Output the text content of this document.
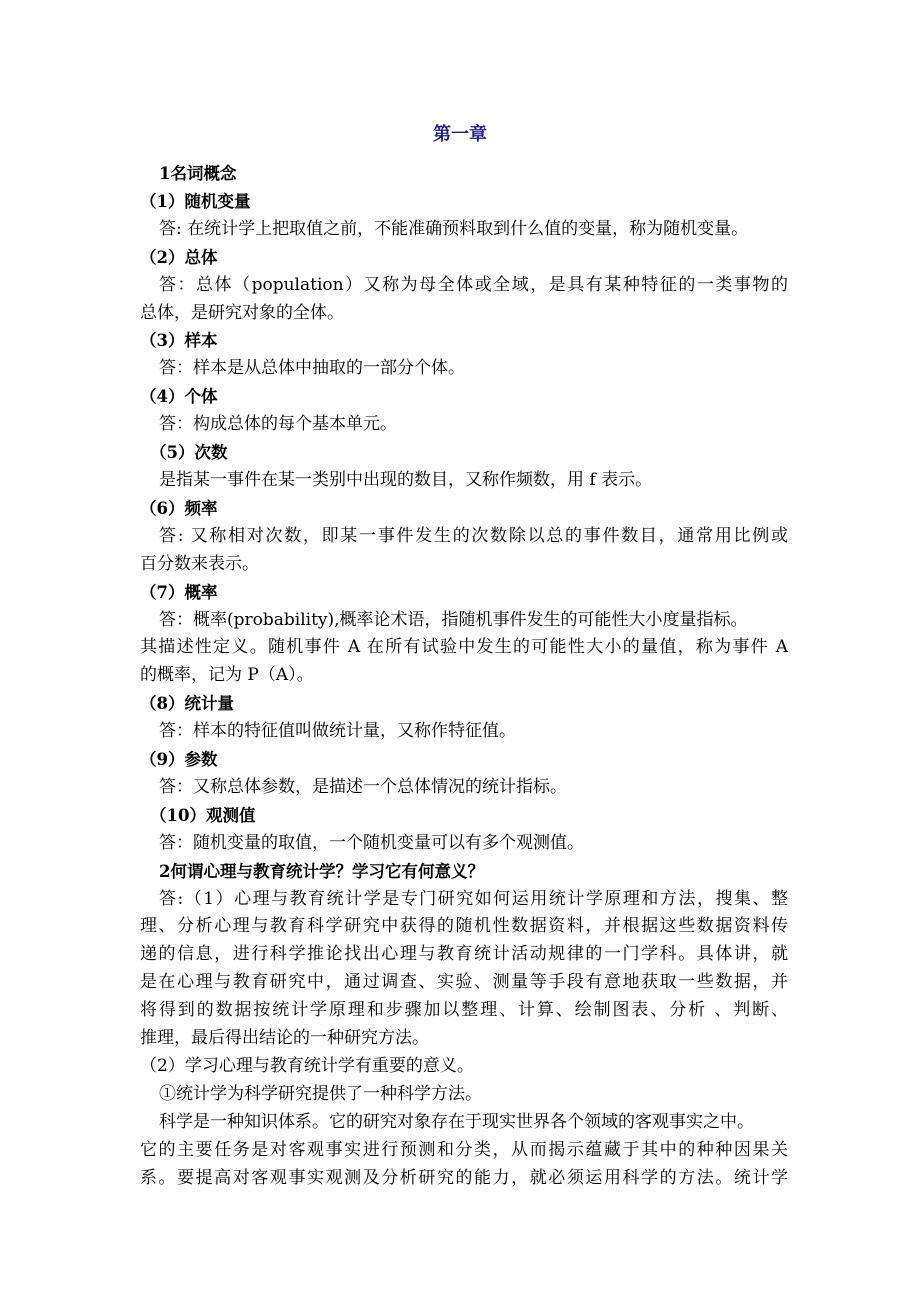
第一章

1名词概念

（1）随机变量

答: 在统计学上把取值之前，不能准确预料取到什么值的变量，称为随机变量。

（2）总体

答：总体（population）又称为母全体或全域，是具有某种特征的一类事物的

总体，是研究对象的全体。

（3）样本

答：样本是从总体中抽取的一部分个体。

（4）个体

答：构成总体的每个基本单元。

（5）次数

是指某一事件在某一类别中出现的数目，又称作频数，用 f 表示。

（6）频率

答: 又称相对次数，即某一事件发生的次数除以总的事件数目，通常用比例或

百分数来表示。

（7）概率

答：概率(probability),概率论术语，指随机事件发生的可能性大小度量指标。

其描述性定义。随机事件 A 在所有试验中发生的可能性大小的量值，称为事件 A

的概率，记为 P（A）。

（8）统计量

答：样本的特征值叫做统计量，又称作特征值。

（9）参数

答：又称总体参数，是描述一个总体情况的统计指标。

（10）观测值

答：随机变量的取值，一个随机变量可以有多个观测值。

2何谓心理与教育统计学？学习它有何意义？

答:（1）心理与教育统计学是专门研究如何运用统计学原理和方法，搜集、整

理、分析心理与教育科学研究中获得的随机性数据资料，并根据这些数据资料传

递的信息，进行科学推论找出心理与教育统计活动规律的一门学科。具体讲，就

是在心理与教育研究中，通过调查、实验、测量等手段有意地获取一些数据，并

将得到的数据按统计学原理和步骤加以整理、计算、绘制图表、分析 、判断、

推理，最后得出结论的一种研究方法。

（2）学习心理与教育统计学有重要的意义。

①统计学为科学研究提供了一种科学方法。

科学是一种知识体系。它的研究对象存在于现实世界各个领域的客观事实之中。

它的主要任务是对客观事实进行预测和分类，从而揭示蕴藏于其中的种种因果关

系。要提高对客观事实观测及分析研究的能力，就必须运用科学的方法。统计学
